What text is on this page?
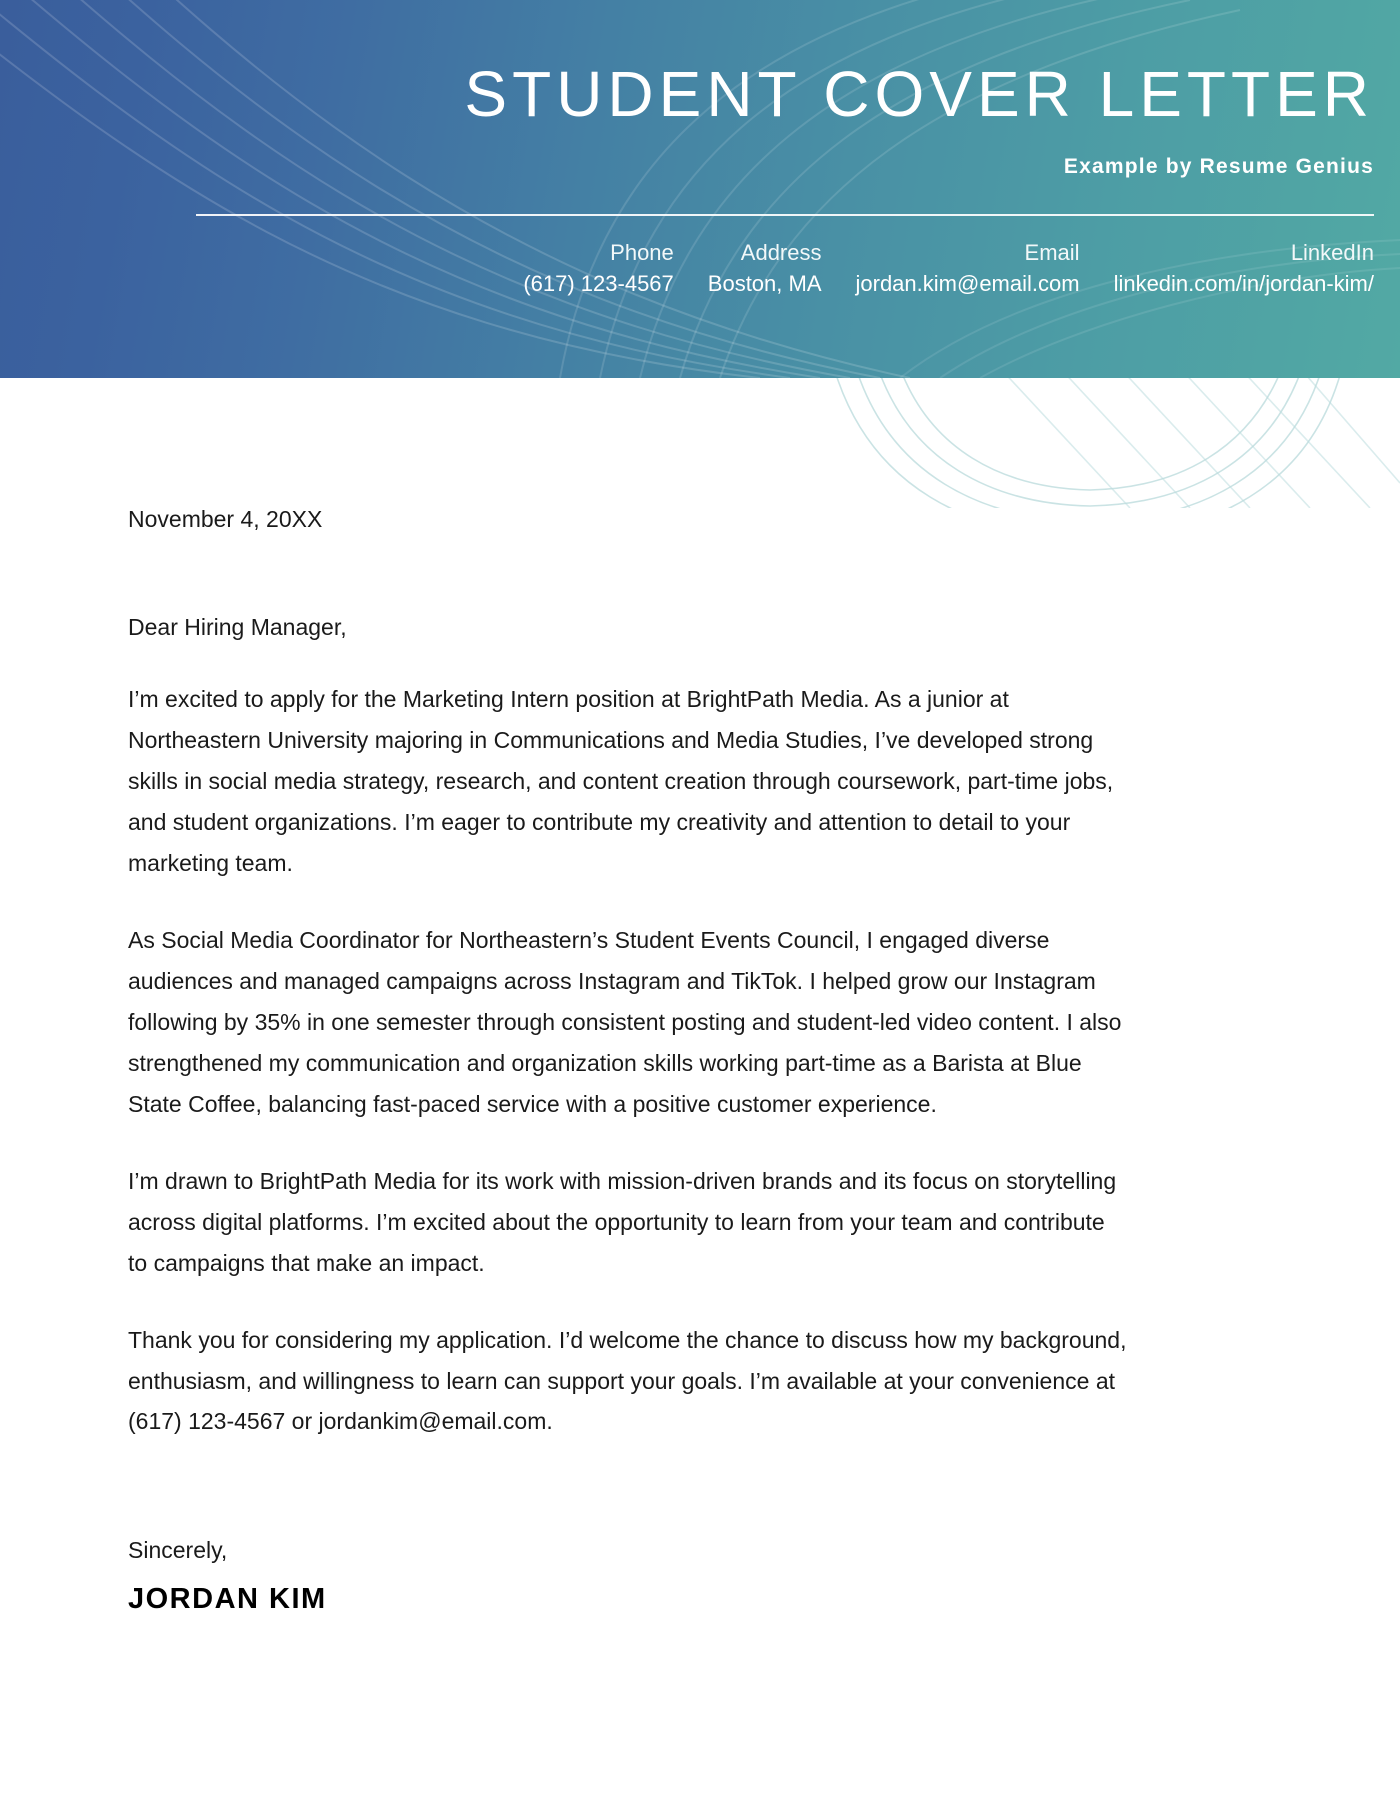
STUDENT COVER LETTER
Example by Resume Genius
Phone
(617) 123-4567
Address
Boston, MA
Email
jordan.kim@email.com
LinkedIn
linkedin.com/in/jordan-kim/
November 4, 20XX
Dear Hiring Manager,

I’m excited to apply for the Marketing Intern position at BrightPath Media. As a junior at Northeastern University majoring in Communications and Media Studies, I’ve developed strong skills in social media strategy, research, and content creation through coursework, part-time jobs, and student organizations. I’m eager to contribute my creativity and attention to detail to your marketing team.

As Social Media Coordinator for Northeastern’s Student Events Council, I engaged diverse audiences and managed campaigns across Instagram and TikTok. I helped grow our Instagram following by 35% in one semester through consistent posting and student-led video content. I also strengthened my communication and organization skills working part-time as a Barista at Blue State Coffee, balancing fast-paced service with a positive customer experience.

I’m drawn to BrightPath Media for its work with mission-driven brands and its focus on storytelling across digital platforms. I’m excited about the opportunity to learn from your team and contribute to campaigns that make an impact.

Thank you for considering my application. I’d welcome the chance to discuss how my background, enthusiasm, and willingness to learn can support your goals. I’m available at your convenience at (617) 123-4567 or jordankim@email.com.

Sincerely,
JORDAN KIM
